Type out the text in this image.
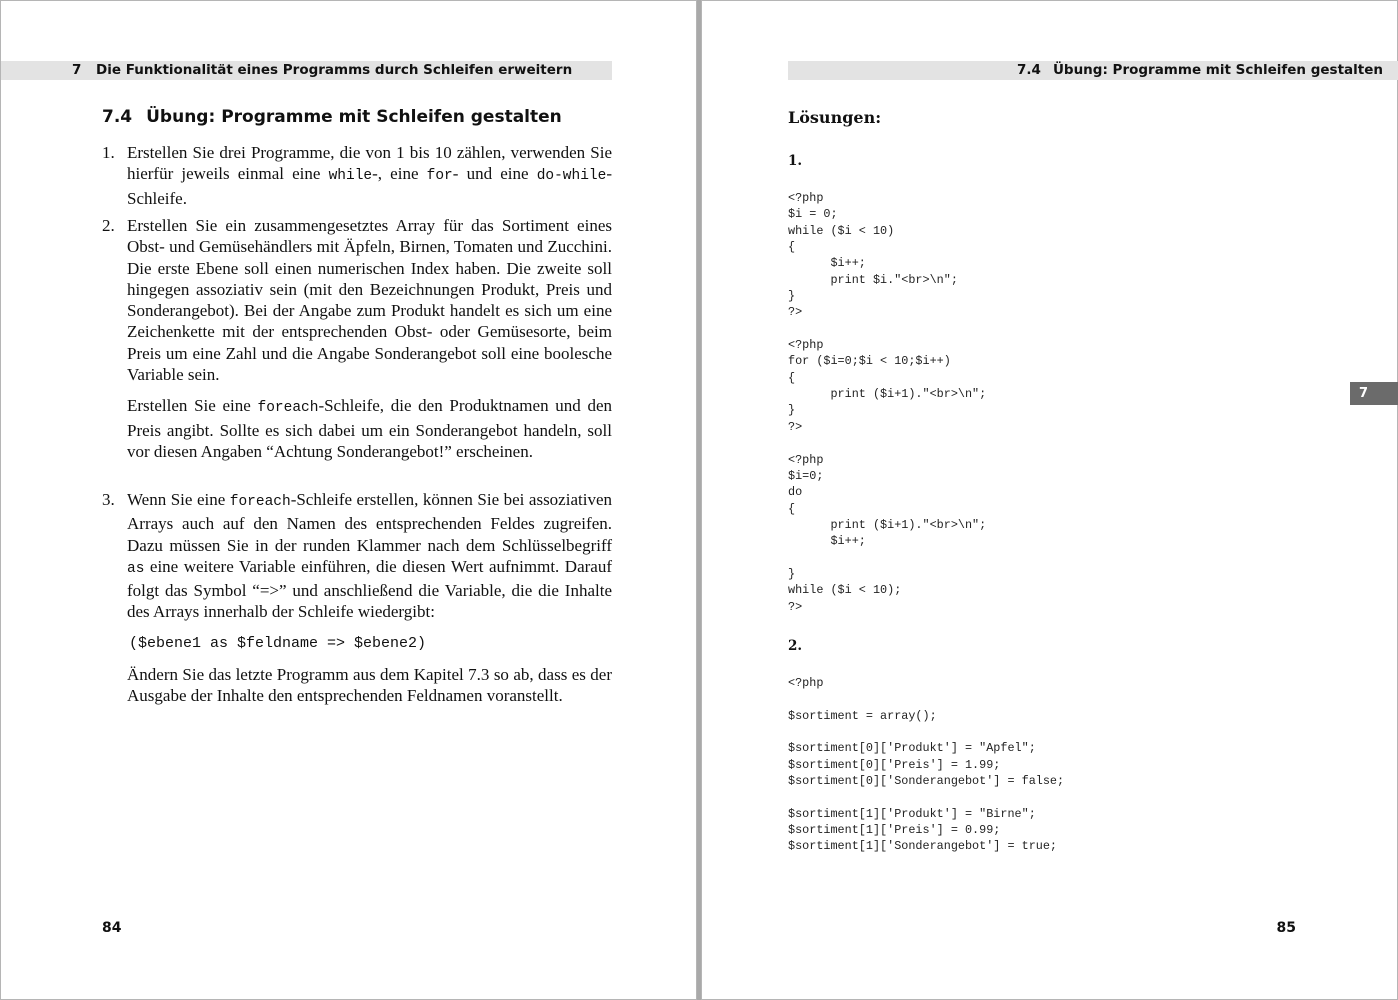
7 Die Funktionalität eines Programms durch Schleifen erweitern
7.4 Übung: Programme mit Schleifen gestalten
1. Erstellen Sie drei Programme, die von 1 bis 10 zählen, verwenden Sie hierfür jeweils einmal eine while-, eine for- und eine do-while-Schleife.

2. Erstellen Sie ein zusammengesetztes Array für das Sortiment eines Obst- und Gemüsehändlers mit Äpfeln, Birnen, Tomaten und Zucchini. Die erste Ebene soll einen numerischen Index haben. Die zweite soll hingegen assoziativ sein (mit den Bezeichnungen Produkt, Preis und Sonderangebot). Bei der Angabe zum Produkt handelt es sich um eine Zeichenkette mit der entsprechenden Obst- oder Gemüsesorte, beim Preis um eine Zahl und die Angabe Sonderangebot soll eine boolesche Variable sein.

Erstellen Sie eine foreach-Schleife, die den Produktnamen und den Preis angibt. Sollte es sich dabei um ein Sonderangebot handeln, soll vor diesen Angaben “Achtung Sonderangebot!” erscheinen.

3. Wenn Sie eine foreach-Schleife erstellen, können Sie bei assoziativen Arrays auch auf den Namen des entsprechenden Feldes zugreifen. Dazu müssen Sie in der runden Klammer nach dem Schlüsselbegriff as eine weitere Variable einführen, die diesen Wert aufnimmt. Darauf folgt das Symbol “=>” und anschließend die Variable, die die Inhalte des Arrays innerhalb der Schleife wiedergibt:

($ebene1 as $feldname => $ebene2)

Ändern Sie das letzte Programm aus dem Kapitel 7.3 so ab, dass es der Ausgabe der Inhalte den entsprechenden Feldnamen voranstellt.

84
7.4 Übung: Programme mit Schleifen gestalten
Lösungen:
1.
<?php
$i = 0;
while ($i < 10)
{
$i++;
print $i."<br>\n";
}
?>

<?php
for ($i=0;$i < 10;$i++)
{
print ($i+1)."<br>\n";
}
?>

<?php
$i=0;
do
{
print ($i+1)."<br>\n";
$i++;

}
while ($i < 10);
?>
2.
<?php

$sortiment = array();

$sortiment[0]['Produkt'] = "Apfel";
$sortiment[0]['Preis'] = 1.99;
$sortiment[0]['Sonderangebot'] = false;

$sortiment[1]['Produkt'] = "Birne";
$sortiment[1]['Preis'] = 0.99;
$sortiment[1]['Sonderangebot'] = true;
7
85
